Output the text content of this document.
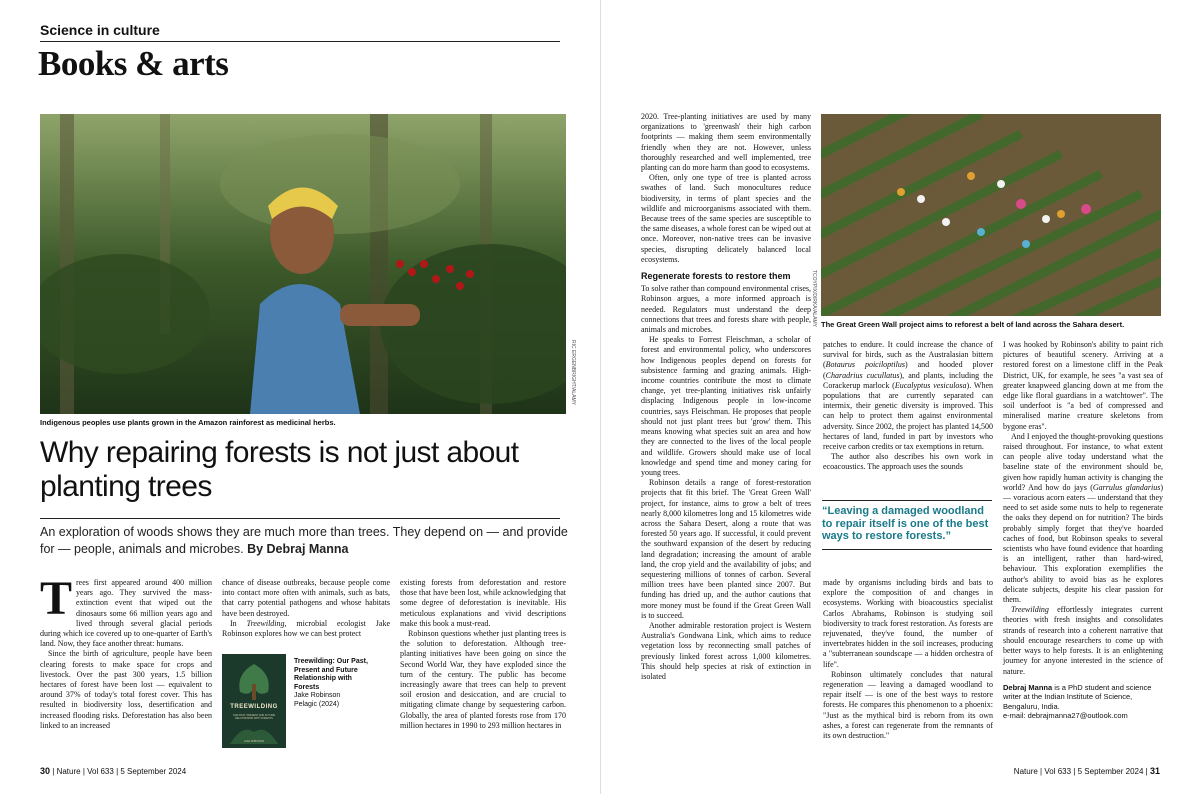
Science in culture
Books & arts
RIC ERGENBRIGHT/ALAMY
Indigenous peoples use plants grown in the Amazon rainforest as medicinal herbs.
Why repairing forests is not just about planting trees
An exploration of woods shows they are much more than trees. They depend on — and provide for — people, animals and microbes. By Debraj Manna

Trees first appeared around 400 million years ago. They survived the mass-extinction event that wiped out the dinosaurs some 66 million years ago and lived through several glacial periods during which ice covered up to one-quarter of Earth's land. Now, they face another threat: humans.

Since the birth of agriculture, people have been clearing forests to make space for crops and livestock. Over the past 300 years, 1.5 billion hectares of forest have been lost — equivalent to around 37% of today's total forest cover. This has resulted in biodiversity loss, desertification and increased flooding risks. Deforestation has also been linked to an increased

chance of disease outbreaks, because people come into contact more often with animals, such as bats, that carry potential pathogens and whose habitats have been destroyed.

In Treewilding, microbial ecologist Jake Robinson explores how we can best protect

TREEWILDING
OUR PAST, PRESENT AND FUTURE RELATIONSHIP WITH FORESTS
JAKE ROBINSON
Treewilding: Our Past, Present and Future Relationship with Forests
Jake Robinson
Pelagic (2024)

existing forests from deforestation and restore those that have been lost, while acknowledging that some degree of deforestation is inevitable. His meticulous explanations and vivid descriptions make this book a must-read.

Robinson questions whether just planting trees is the solution to deforestation. Although tree-planting initiatives have been going on since the Second World War, they have exploded since the turn of the century. The public has become increasingly aware that trees can help to prevent soil erosion and desiccation, and are crucial to mitigating climate change by sequestering carbon. Globally, the area of planted forests rose from 170 million hectares in 1990 to 293 million hectares in

30 | Nature | Vol 633 | 5 September 2024

2020. Tree-planting initiatives are used by many organizations to 'greenwash' their high carbon footprints — making them seem environmentally friendly when they are not. However, unless thoroughly researched and well implemented, tree planting can do more harm than good to ecosystems.

Often, only one type of tree is planted across swathes of land. Such monocultures reduce biodiversity, in terms of plant species and the wildlife and microorganisms associated with them. Because trees of the same species are susceptible to the same diseases, a whole forest can be wiped out at once. Moreover, non-native trees can be invasive species, disrupting delicately balanced local ecosystems.

Regenerate forests to restore them

To solve rather than compound environmental crises, Robinson argues, a more informed approach is needed. Regulators must understand the deep connections that trees and forests share with people, animals and microbes.

He speaks to Forrest Fleischman, a scholar of forest and environmental policy, who underscores how Indigenous peoples depend on forests for subsistence farming and grazing animals. High-income countries contribute the most to climate change, yet tree-planting initiatives risk unfairly displacing Indigenous people in low-income countries, says Fleischman. He proposes that people should not just plant trees but 'grow' them. This means knowing what species suit an area and how they are connected to the lives of the local people and wildlife. Growers should make use of local knowledge and spend time and money caring for young trees.

Robinson details a range of forest-restoration projects that fit this brief. The 'Great Green Wall' project, for instance, aims to grow a belt of trees nearly 8,000 kilometres long and 15 kilometres wide across the Sahara Desert, along a route that was forested 50 years ago. If successful, it could prevent the southward expansion of the desert by reducing land degradation; increasing the amount of arable land, the crop yield and the availability of jobs; and sequestering millions of tonnes of carbon. Several million trees have been planted since 2007. But funding has dried up, and the author cautions that more money must be found if the Great Green Wall is to succeed.

Another admirable restoration project is Western Australia's Gondwana Link, which aims to reduce vegetation loss by reconnecting small patches of previously linked forest across 1,000 kilometres. This should help species at risk of extinction in isolated

TCOYPIX/DIRKA/ALAMY The Great Green Wall project aims to reforest a belt of land across the Sahara desert.

patches to endure. It could increase the chance of survival for birds, such as the Australasian bittern (Botaurus poiciloptilus) and hooded plover (Charadrius cucullatus), and plants, including the Corackerup marlock (Eucalyptus vesiculosa). When populations that are currently separated can intermix, their genetic diversity is improved. This can help to protect them against environmental adversity. Since 2002, the project has planted 14,500 hectares of land, funded in part by investors who receive carbon credits or tax exemptions in return.

The author also describes his own work in ecoacoustics. The approach uses the sounds

made by organisms including birds and bats to explore the composition of and changes in ecosystems. Working with bioacoustics specialist Carlos Abrahams, Robinson is studying soil biodiversity to track forest restoration. As forests are rejuvenated, they've found, the number of invertebrates hidden in the soil increases, producing a "subterranean soundscape — a hidden orchestra of life".

Robinson ultimately concludes that natural regeneration — leaving a damaged woodland to repair itself — is one of the best ways to restore forests. He compares this phenomenon to a phoenix: "Just as the mythical bird is reborn from its own ashes, a forest can regenerate from the remnants of its own destruction."

I was hooked by Robinson's ability to paint rich pictures of beautiful scenery. Arriving at a restored forest on a limestone cliff in the Peak District, UK, for example, he sees "a vast sea of greater knapweed glancing down at me from the edge like floral guardians in a watchtower". The soil underfoot is "a bed of compressed and mineralised marine creature skeletons from bygone eras".

And I enjoyed the thought-provoking questions raised throughout. For instance, to what extent can people alive today understand what the baseline state of the environment should be, given how rapidly human activity is changing the world? And how do jays (Garrulus glandarius) — voracious acorn eaters — understand that they need to set aside some nuts to help to regenerate the oaks they depend on for nutrition? The birds probably simply forget that they've hoarded caches of food, but Robinson speaks to several scientists who have found evidence that hoarding is an intelligent, rather than hard-wired, behaviour. This exploration exemplifies the author's ability to avoid bias as he explores delicate subjects, despite his clear passion for them.

Treewilding effortlessly integrates current theories with fresh insights and consolidates strands of research into a coherent narrative that should encourage researchers to come up with better ways to help forests. It is an enlightening journey for anyone interested in the science of nature.

Debraj Manna is a PhD student and science writer at the Indian Institute of Science, Bengaluru, India.

e-mail: debrajmanna27@outlook.com

Nature | Vol 633 | 5 September 2024 | 31
“Leaving a damaged woodland to repair itself is one of the best ways to restore forests.”
